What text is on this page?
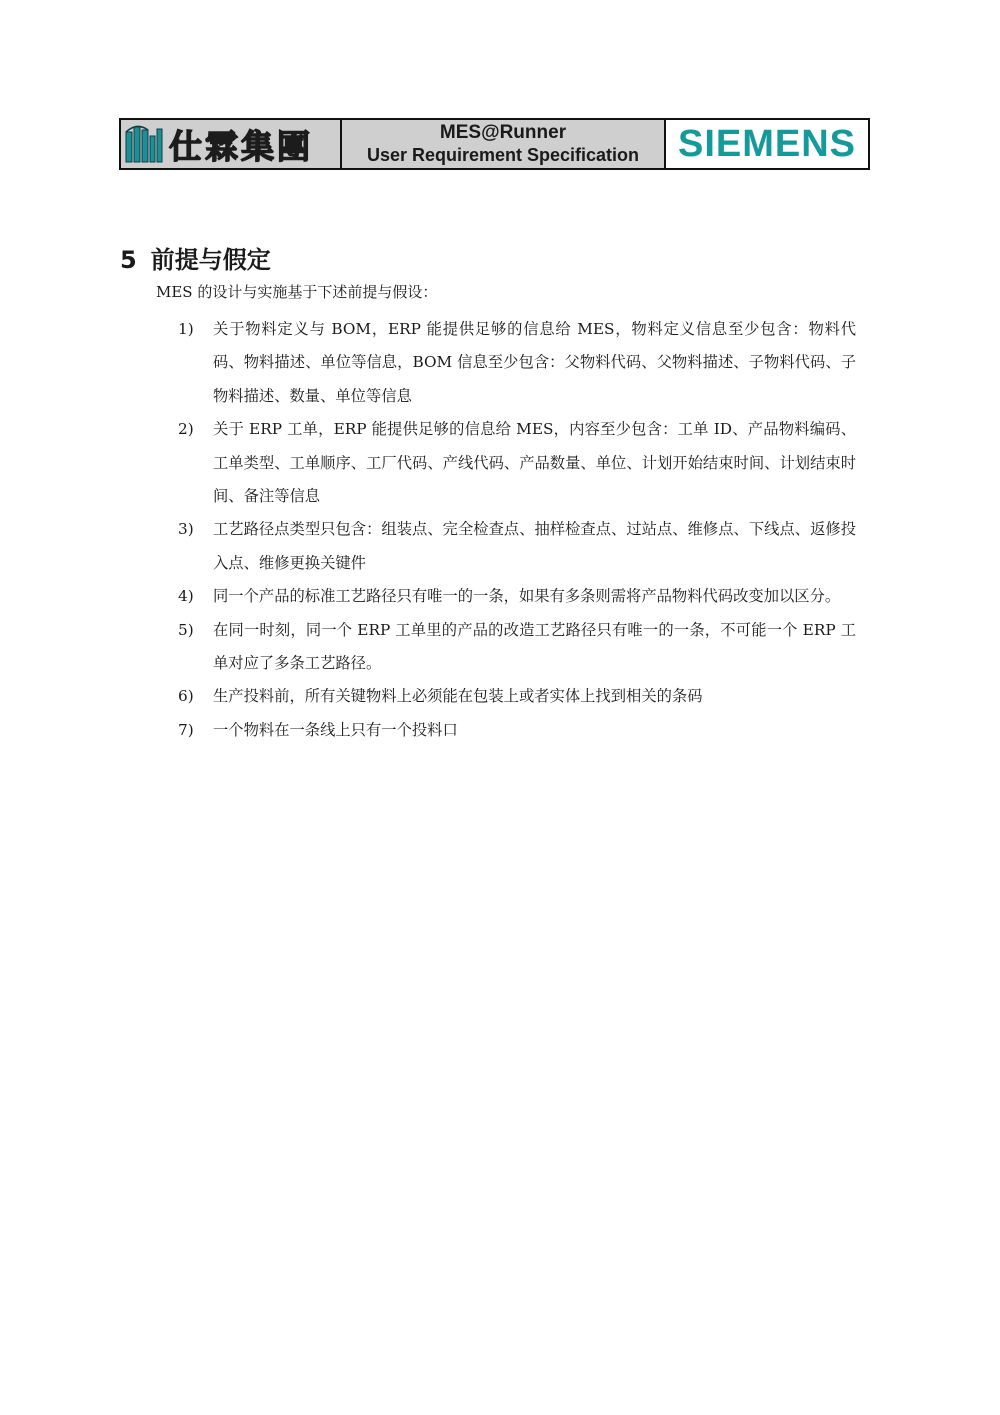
仕霖集團	MES@Runner
User Requirement Specification SIEMENS
5 前提与假定

MES 的设计与实施基于下述前提与假设：

1)	关于物料定义与 BOM，ERP 能提供足够的信息给 MES，物料定义信息至少包含：物料代码、物料描述、单位等信息，BOM 信息至少包含：父物料代码、父物料描述、子物料代码、子物料描述、数量、单位等信息
2)	关于 ERP 工单，ERP 能提供足够的信息给 MES，内容至少包含：工单 ID、产品物料编码、工单类型、工单顺序、工厂代码、产线代码、产品数量、单位、计划开始结束时间、计划结束时间、备注等信息
3)	工艺路径点类型只包含：组装点、完全检查点、抽样检查点、过站点、维修点、下线点、返修投入点、维修更换关键件
4)	同一个产品的标准工艺路径只有唯一的一条，如果有多条则需将产品物料代码改变加以区分。
5)	在同一时刻，同一个 ERP 工单里的产品的改造工艺路径只有唯一的一条，不可能一个 ERP 工单对应了多条工艺路径。
6)	生产投料前，所有关键物料上必须能在包装上或者实体上找到相关的条码
7)	一个物料在一条线上只有一个投料口
